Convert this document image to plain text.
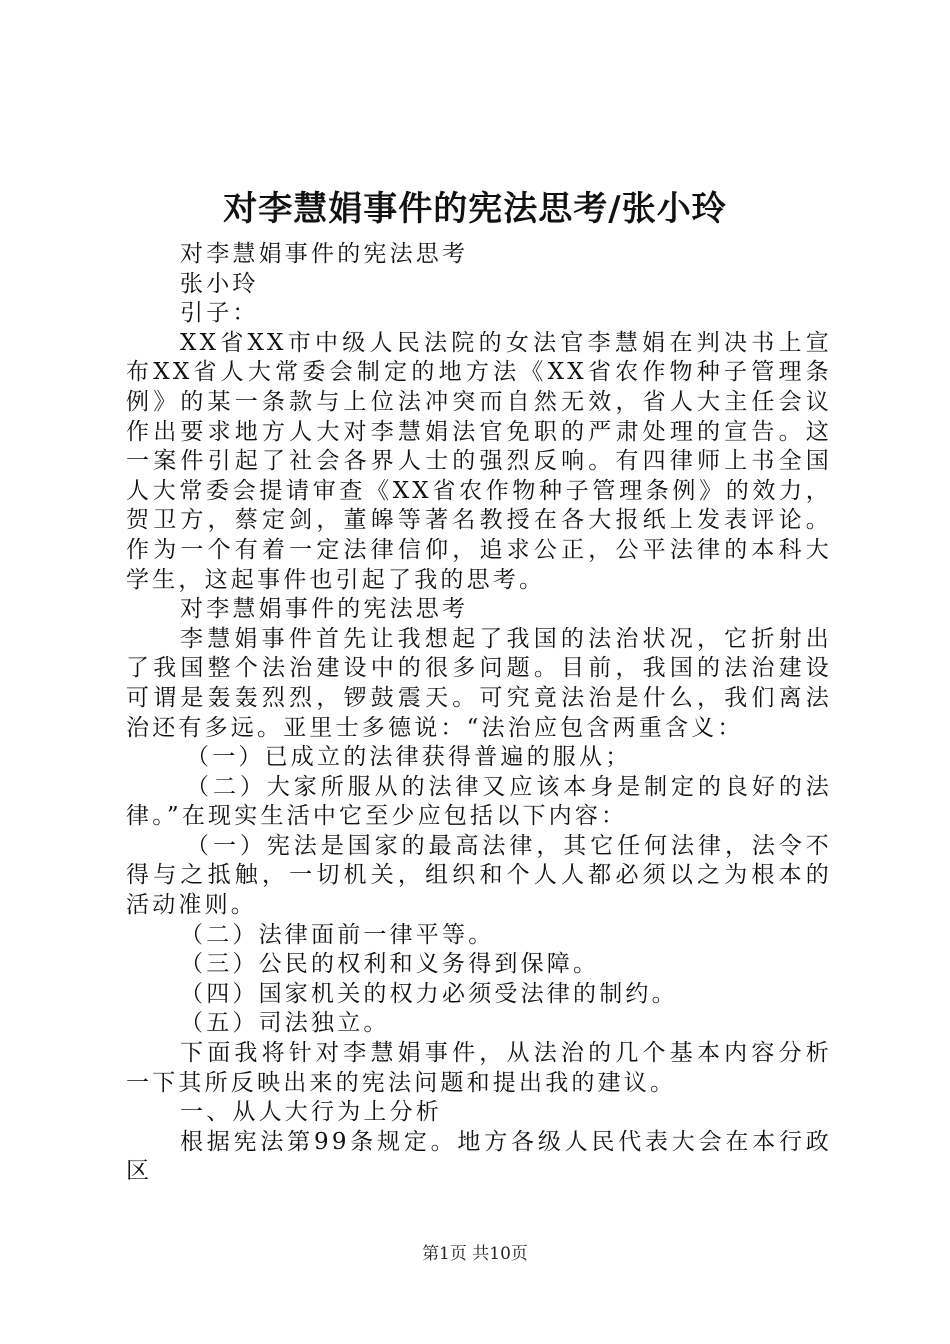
对李慧娟事件的宪法思考/张小玲

对李慧娟事件的宪法思考

张小玲

引子：

XX省XX市中级人民法院的女法官李慧娟在判决书上宣布XX省人大常委会制定的地方法《XX省农作物种子管理条例》的某一条款与上位法冲突而自然无效，省人大主任会议作出要求地方人大对李慧娟法官免职的严肃处理的宣告。这一案件引起了社会各界人士的强烈反响。有四律师上书全国人大常委会提请审查《XX省农作物种子管理条例》的效力，贺卫方，蔡定剑，董皞等著名教授在各大报纸上发表评论。作为一个有着一定法律信仰，追求公正，公平法律的本科大学生，这起事件也引起了我的思考。

对李慧娟事件的宪法思考

李慧娟事件首先让我想起了我国的法治状况，它折射出了我国整个法治建设中的很多问题。目前，我国的法治建设可谓是轰轰烈烈，锣鼓震天。可究竟法治是什么，我们离法治还有多远。亚里士多德说：“法治应包含两重含义：

（一）已成立的法律获得普遍的服从；

（二）大家所服从的法律又应该本身是制定的良好的法律。”在现实生活中它至少应包括以下内容：

（一）宪法是国家的最高法律，其它任何法律，法令不得与之抵触，一切机关，组织和个人人都必须以之为根本的活动准则。

（二）法律面前一律平等。

（三）公民的权利和义务得到保障。

（四）国家机关的权力必须受法律的制约。

（五）司法独立。

下面我将针对李慧娟事件，从法治的几个基本内容分析一下其所反映出来的宪法问题和提出我的建议。

一、从人大行为上分析

根据宪法第99条规定。地方各级人民代表大会在本行政区

第1页 共10页
